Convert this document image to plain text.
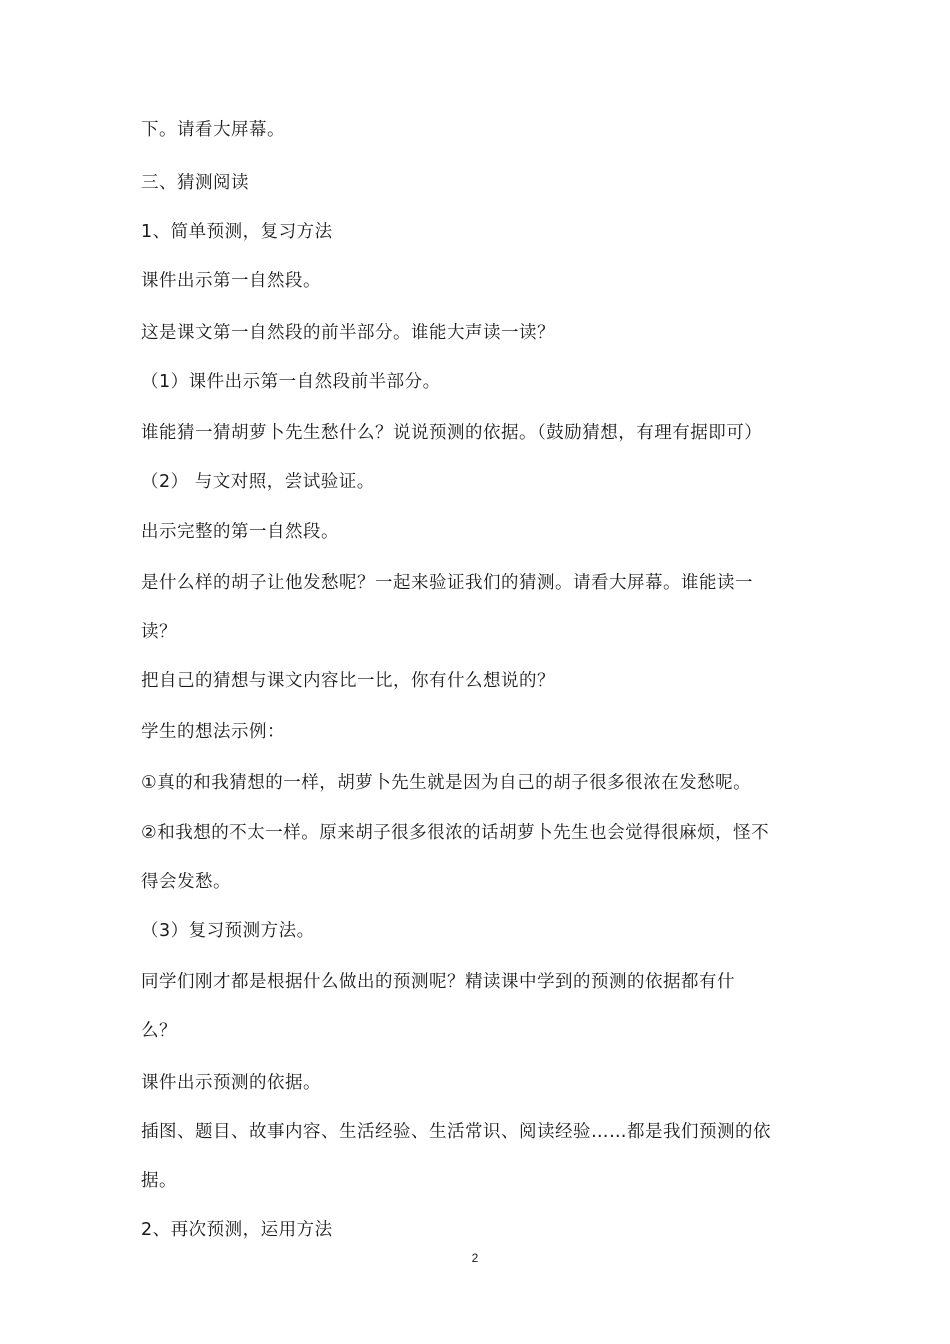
下。请看大屏幕。
三、猜测阅读
1、简单预测，复习方法
课件出示第一自然段。
这是课文第一自然段的前半部分。谁能大声读一读？
（1）课件出示第一自然段前半部分。
谁能猜一猜胡萝卜先生愁什么？说说预测的依据。（鼓励猜想，有理有据即可）
（2） 与文对照，尝试验证。
出示完整的第一自然段。
是什么样的胡子让他发愁呢？一起来验证我们的猜测。请看大屏幕。谁能读一
读？
把自己的猜想与课文内容比一比，你有什么想说的？
学生的想法示例：
①真的和我猜想的一样，胡萝卜先生就是因为自己的胡子很多很浓在发愁呢。
②和我想的不太一样。原来胡子很多很浓的话胡萝卜先生也会觉得很麻烦，怪不
得会发愁。
（3）复习预测方法。
同学们刚才都是根据什么做出的预测呢？精读课中学到的预测的依据都有什
么？
课件出示预测的依据。
插图、题目、故事内容、生活经验、生活常识、阅读经验……都是我们预测的依
据。
2、再次预测，运用方法
2
